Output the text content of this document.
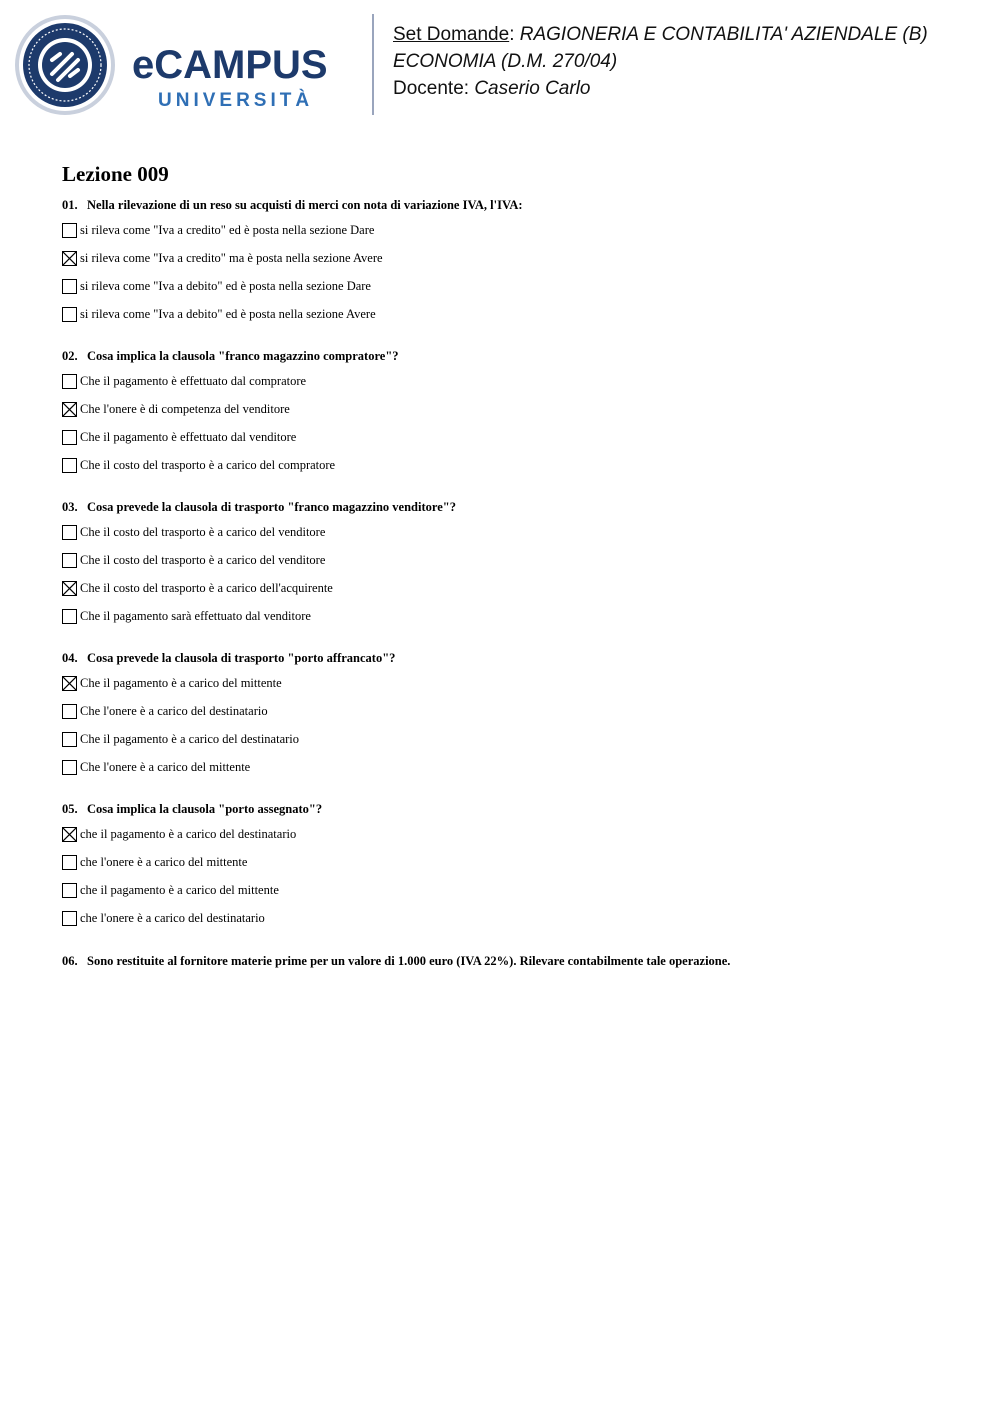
eCAMPUS
UNIVERSITÀ
Set Domande: RAGIONERIA E CONTABILITA' AZIENDALE (B)
ECONOMIA (D.M. 270/04)
Docente: Caserio Carlo
Lezione 009
01. Nella rilevazione di un reso su acquisti di merci con nota di variazione IVA, l'IVA:
si rileva come "Iva a credito" ed è posta nella sezione Dare
si rileva come "Iva a credito" ma è posta nella sezione Avere
si rileva come "Iva a debito" ed è posta nella sezione Dare
si rileva come "Iva a debito" ed è posta nella sezione Avere
02. Cosa implica la clausola "franco magazzino compratore"?
Che il pagamento è effettuato dal compratore
Che l'onere è di competenza del venditore
Che il pagamento è effettuato dal venditore
Che il costo del trasporto è a carico del compratore
03. Cosa prevede la clausola di trasporto "franco magazzino venditore"?
Che il costo del trasporto è a carico del venditore
Che il costo del trasporto è a carico del venditore
Che il costo del trasporto è a carico dell'acquirente
Che il pagamento sarà effettuato dal venditore
04. Cosa prevede la clausola di trasporto "porto affrancato"?
Che il pagamento è a carico del mittente
Che l'onere è a carico del destinatario
Che il pagamento è a carico del destinatario
Che l'onere è a carico del mittente
05. Cosa implica la clausola "porto assegnato"?
che il pagamento è a carico del destinatario
che l'onere è a carico del mittente
che il pagamento è a carico del mittente
che l'onere è a carico del destinatario
06. Sono restituite al fornitore materie prime per un valore di 1.000 euro (IVA 22%). Rilevare contabilmente tale operazione.
